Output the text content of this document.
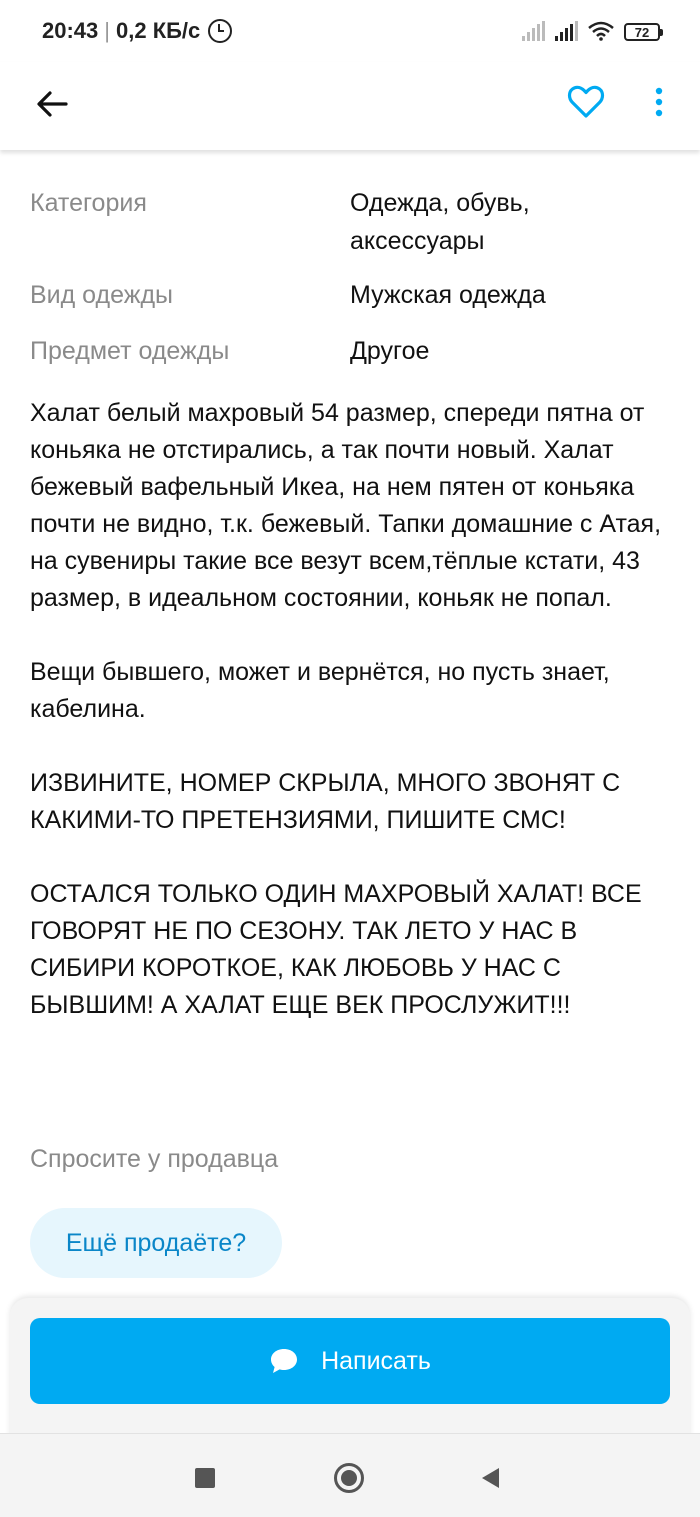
20:43 | 0,2 КБ/с	72
Категория	Одежда, обувь, аксессуары
Вид одежды	Мужская одежда
Предмет одежды	Другое

Халат белый махровый 54 размер, спереди пятна от коньяка не отстирались, а так почти новый. Халат бежевый вафельный Икеа, на нем пятен от коньяка почти не видно, т.к. бежевый. Тапки домашние с Атая, на сувениры такие все везут всем,тёплые кстати, 43 размер, в идеальном состоянии, коньяк не попал.

Вещи бывшего, может и вернётся, но пусть знает, кабелина.

ИЗВИНИТЕ, НОМЕР СКРЫЛА, МНОГО ЗВОНЯТ С КАКИМИ-ТО ПРЕТЕНЗИЯМИ, ПИШИТЕ СМС!

ОСТАЛСЯ ТОЛЬКО ОДИН МАХРОВЫЙ ХАЛАТ! ВСЕ ГОВОРЯТ НЕ ПО СЕЗОНУ. ТАК ЛЕТО У НАС В СИБИРИ КОРОТКОЕ, КАК ЛЮБОВЬ У НАС С БЫВШИМ! А ХАЛАТ ЕЩЕ ВЕК ПРОСЛУЖИТ!!!

Спросите у продавца
Ещё продаёте?
Написать
